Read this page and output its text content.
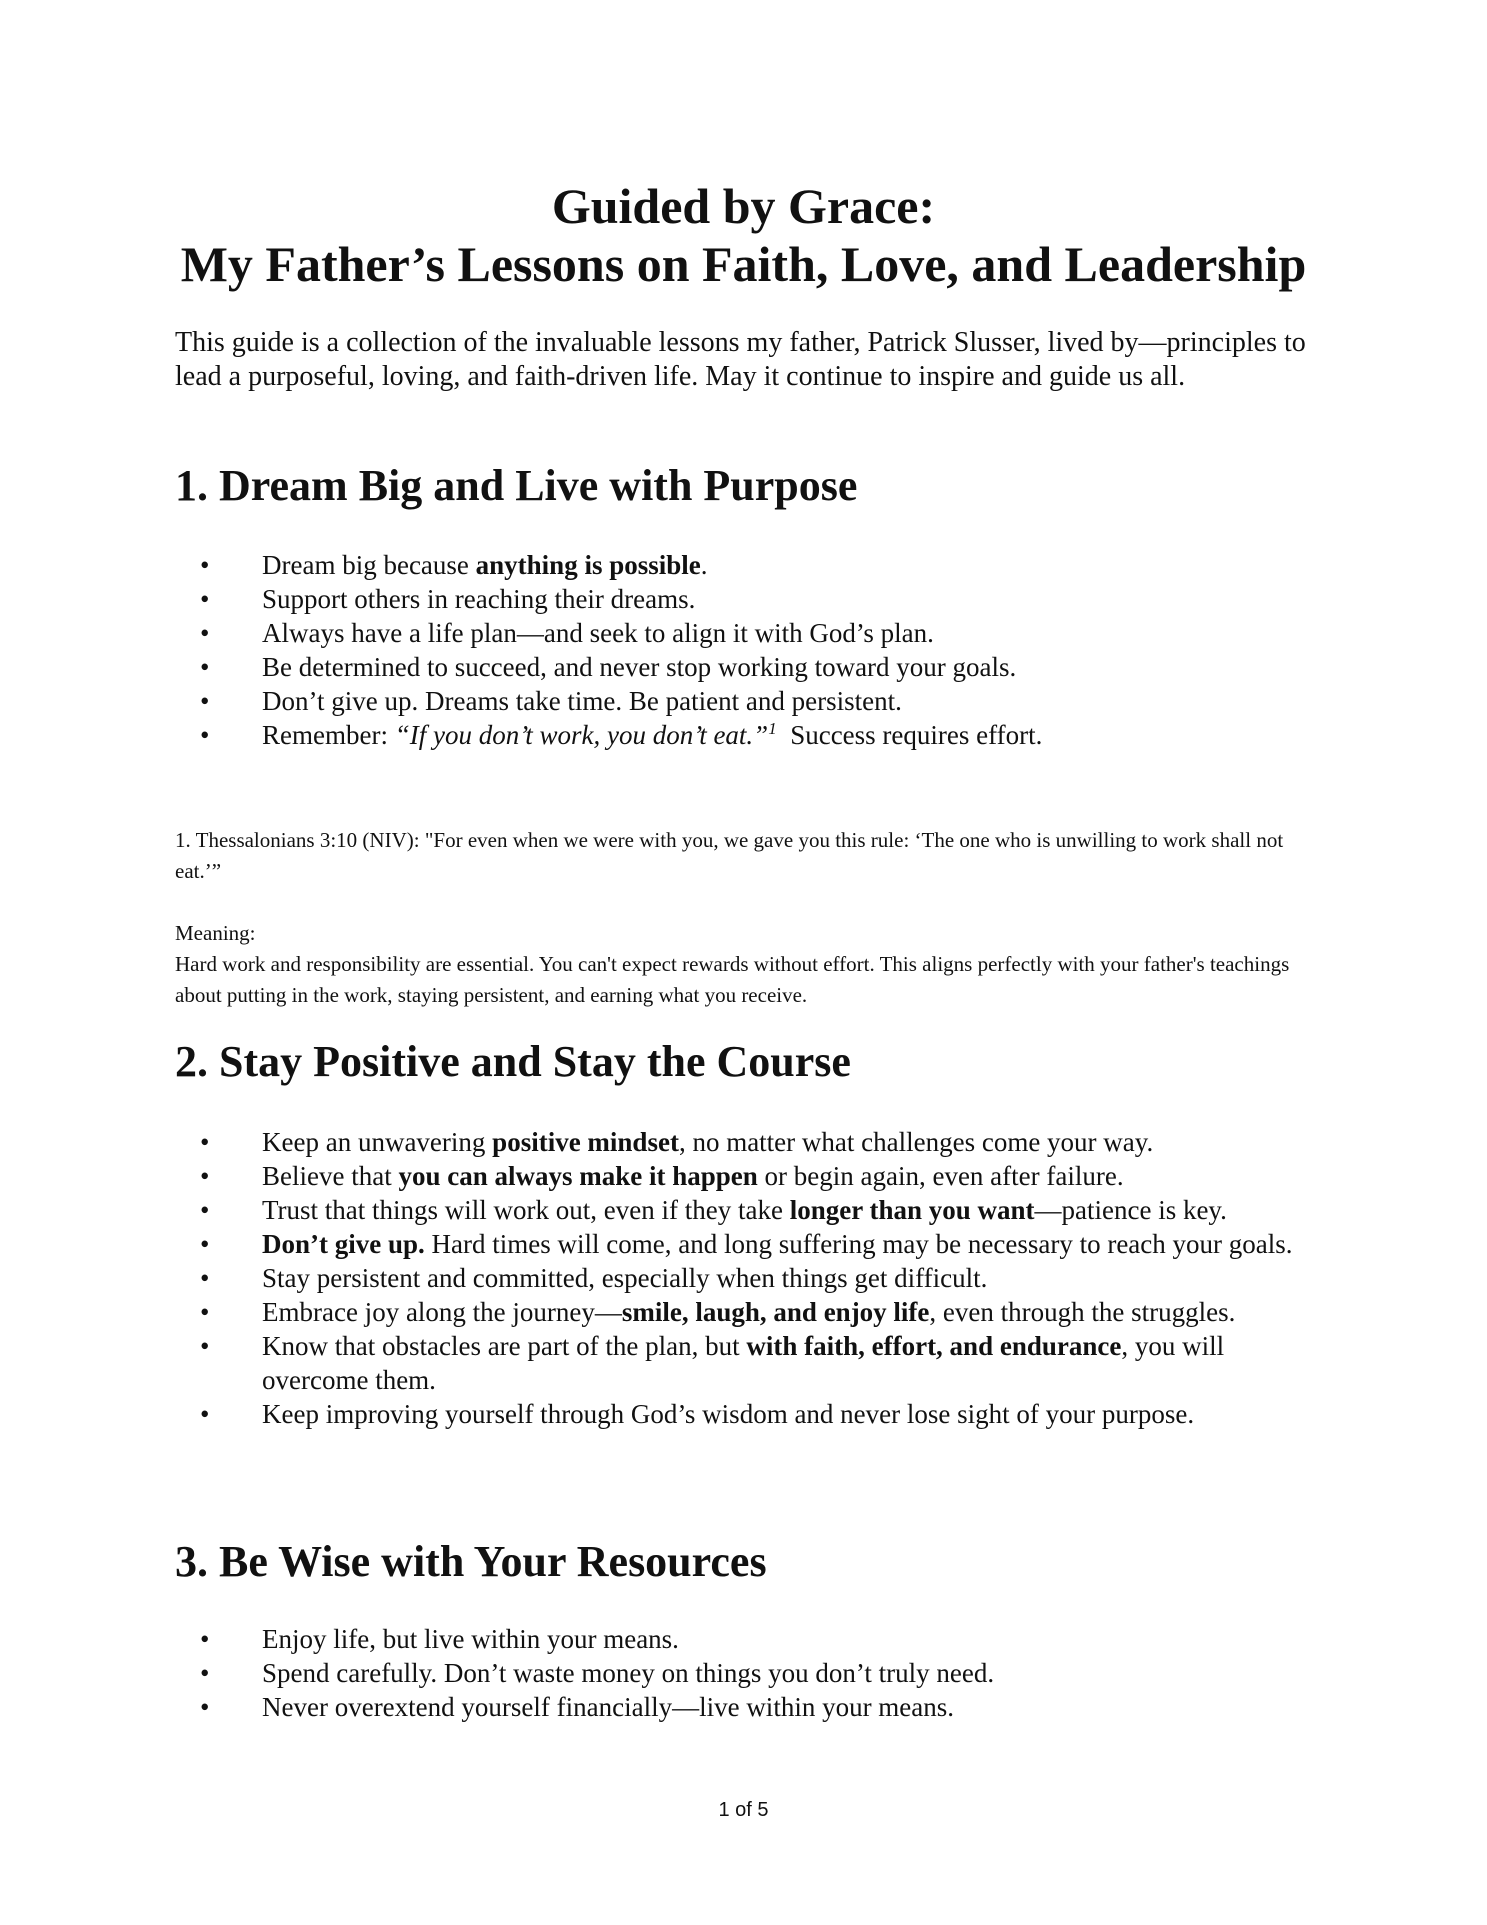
Guided by Grace:
My Father’s Lessons on Faith, Love, and Leadership

This guide is a collection of the invaluable lessons my father, Patrick Slusser, lived by—principles to lead a purposeful, loving, and faith-driven life. May it continue to inspire and guide us all.

1. Dream Big and Live with Purpose
• Dream big because anything is possible.
• Support others in reaching their dreams.
• Always have a life plan—and seek to align it with God’s plan.
• Be determined to succeed, and never stop working toward your goals.
• Don’t give up. Dreams take time. Be patient and persistent.
• Remember: “If you don’t work, you don’t eat.”$^1$  Success requires effort.

1. Thessalonians 3:10 (NIV): "For even when we were with you, we gave you this rule: ‘The one who is unwilling to work shall not eat.’”

Meaning:

Hard work and responsibility are essential. You can't expect rewards without effort. This aligns perfectly with your father's teachings about putting in the work, staying persistent, and earning what you receive.

2. Stay Positive and Stay the Course
• Keep an unwavering positive mindset, no matter what challenges come your way.
• Believe that you can always make it happen or begin again, even after failure.
• Trust that things will work out, even if they take longer than you want—patience is key.
• Don’t give up. Hard times will come, and long suffering may be necessary to reach your goals.
• Stay persistent and committed, especially when things get difficult.
• Embrace joy along the journey—smile, laugh, and enjoy life, even through the struggles.
• Know that obstacles are part of the plan, but with faith, effort, and endurance, you will overcome them.
• Keep improving yourself through God’s wisdom and never lose sight of your purpose.
3. Be Wise with Your Resources
• Enjoy life, but live within your means.
• Spend carefully. Don’t waste money on things you don’t truly need.
• Never overextend yourself financially—live within your means.

1 of 5
